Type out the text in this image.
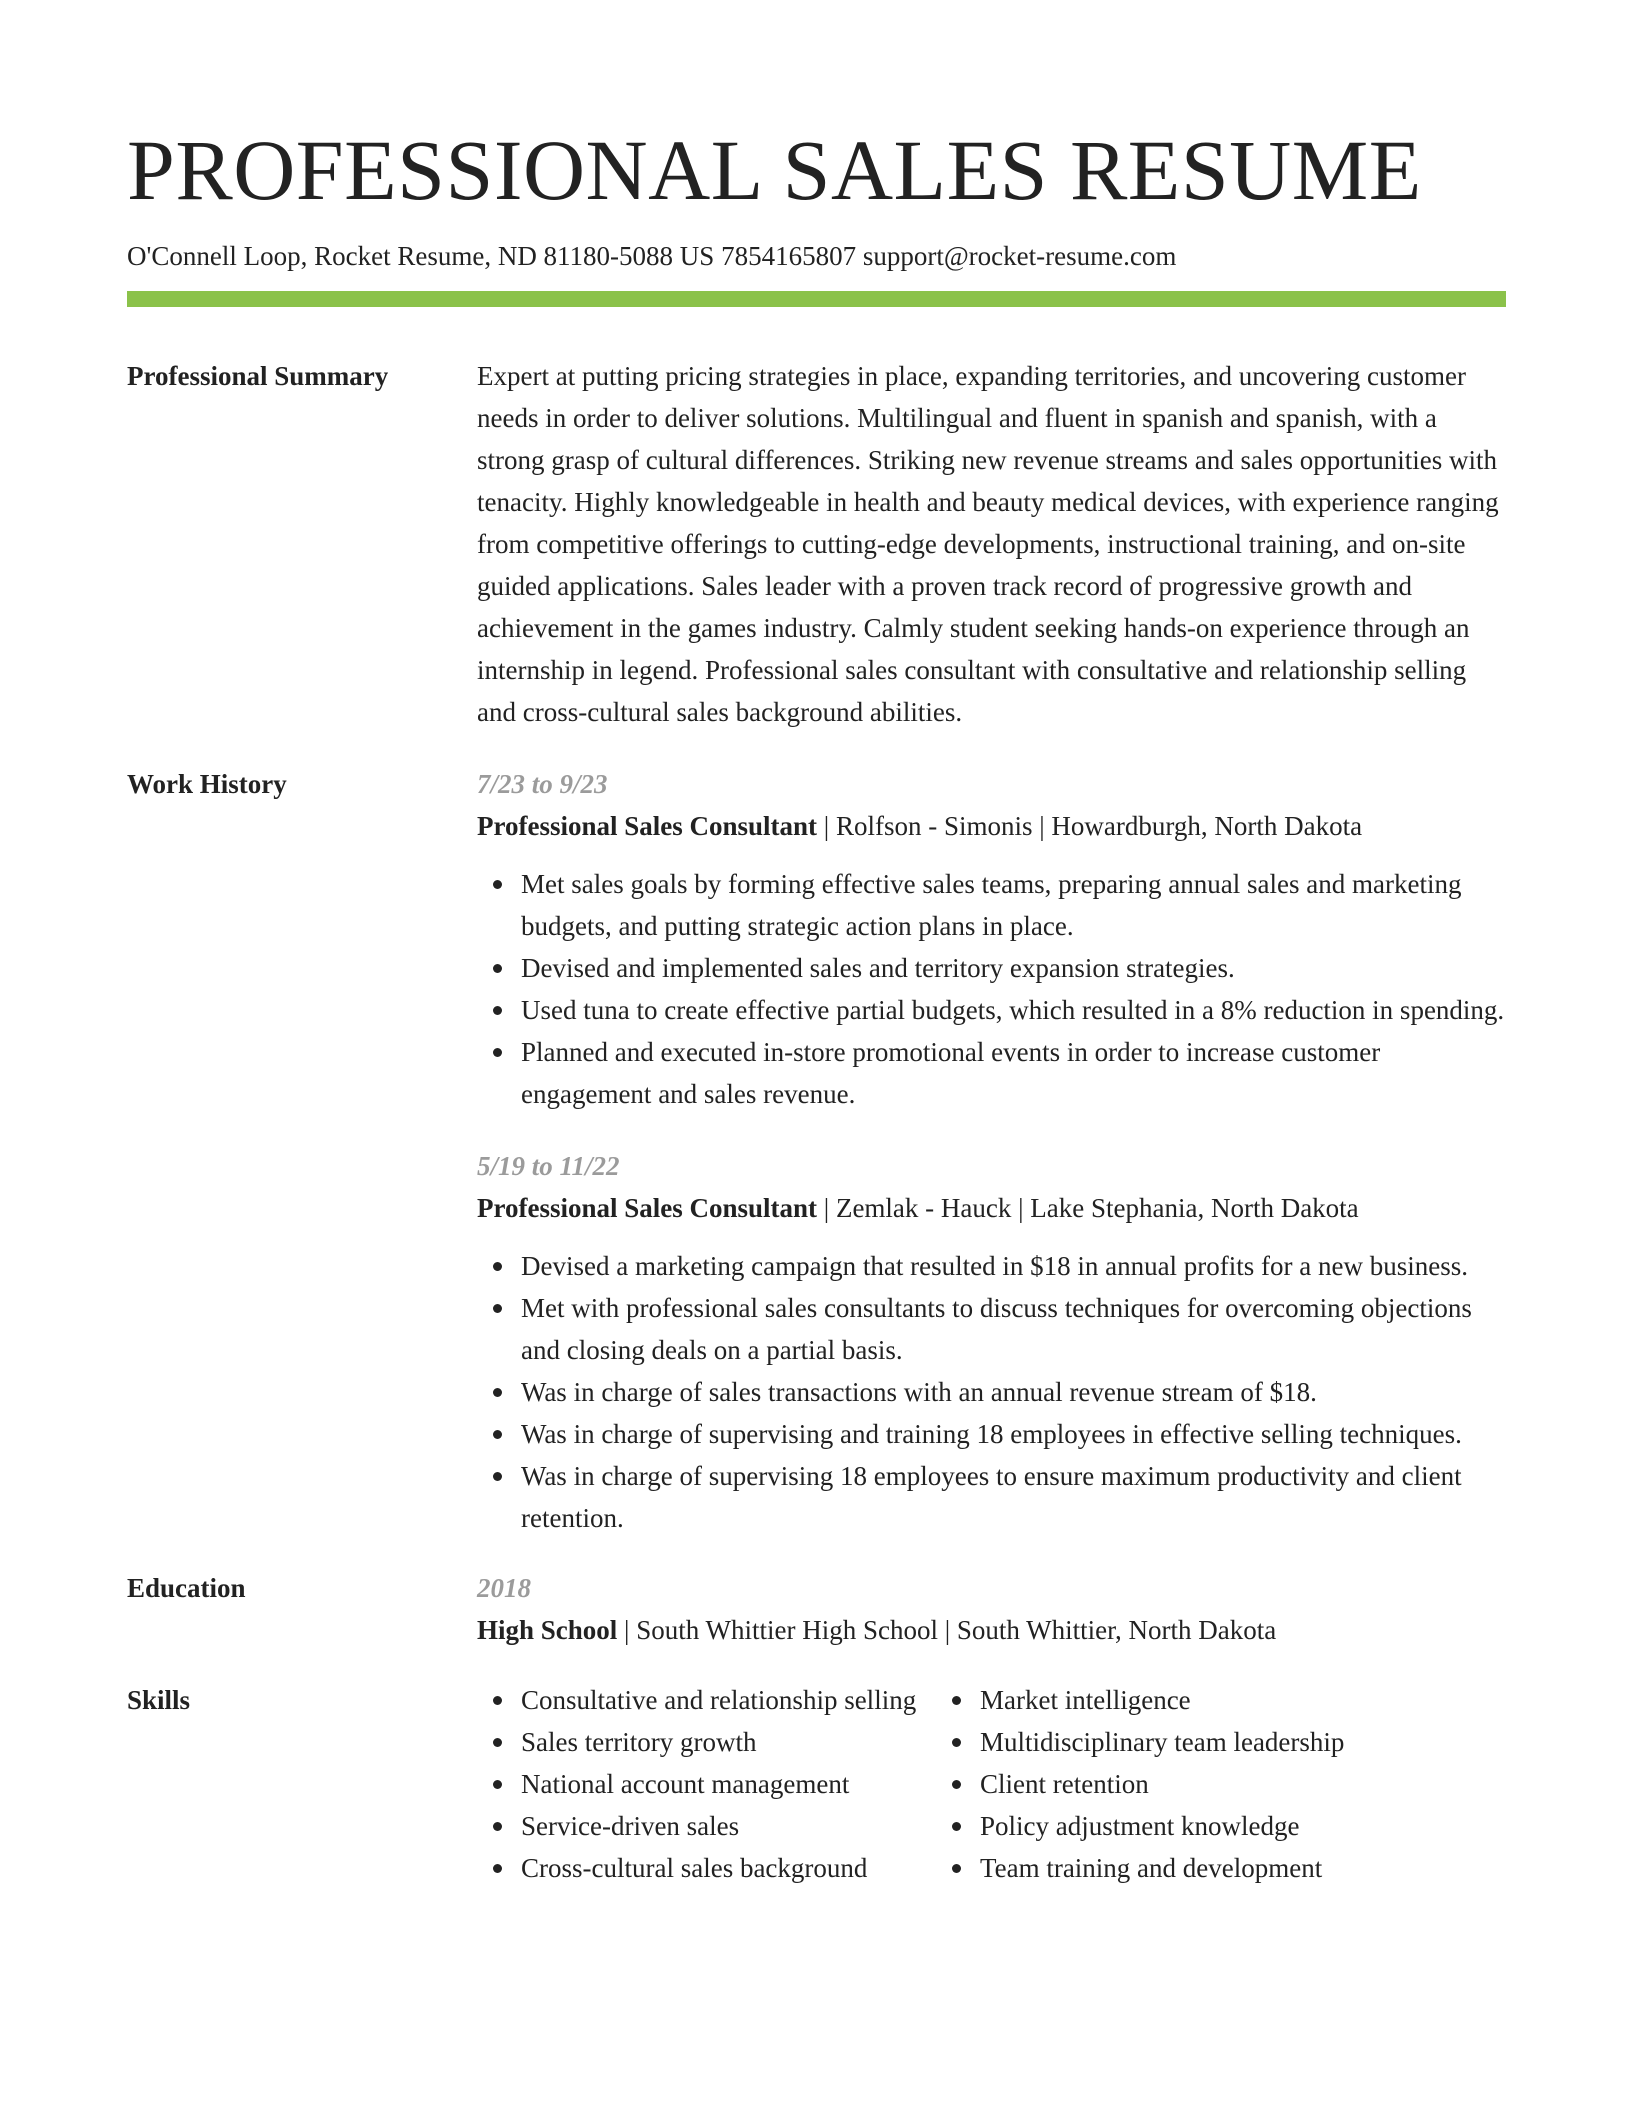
PROFESSIONAL SALES RESUME
O'Connell Loop, Rocket Resume, ND 81180-5088 US 7854165807 support@rocket-resume.com
Professional Summary	Expert at putting pricing strategies in place, expanding territories, and uncovering customer needs in order to deliver solutions. Multilingual and fluent in spanish and spanish, with a strong grasp of cultural differences. Striking new revenue streams and sales opportunities with tenacity. Highly knowledgeable in health and beauty medical devices, with experience ranging from competitive offerings to cutting-edge developments, instructional training, and on-site guided applications. Sales leader with a proven track record of progressive growth and achievement in the games industry. Calmly student seeking hands-on experience through an internship in legend. Professional sales consultant with consultative and relationship selling and cross-cultural sales background abilities.
Work History	7/23 to 9/23
Professional Sales Consultant | Rolfson - Simonis | Howardburgh, North Dakota
Met sales goals by forming effective sales teams, preparing annual sales and marketing budgets, and putting strategic action plans in place.
Devised and implemented sales and territory expansion strategies.
Used tuna to create effective partial budgets, which resulted in a 8% reduction in spending.
Planned and executed in-store promotional events in order to increase customer engagement and sales revenue.
5/19 to 11/22
Professional Sales Consultant | Zemlak - Hauck | Lake Stephania, North Dakota
Devised a marketing campaign that resulted in $18 in annual profits for a new business.
Met with professional sales consultants to discuss techniques for overcoming objections and closing deals on a partial basis.
Was in charge of sales transactions with an annual revenue stream of $18.
Was in charge of supervising and training 18 employees in effective selling techniques.
Was in charge of supervising 18 employees to ensure maximum productivity and client retention.
Education	2018
High School | South Whittier High School | South Whittier, North Dakota
Skills	Consultative and relationship selling
Sales territory growth
National account management
Service-driven sales
Cross-cultural sales background
Market intelligence
Multidisciplinary team leadership
Client retention
Policy adjustment knowledge
Team training and development
